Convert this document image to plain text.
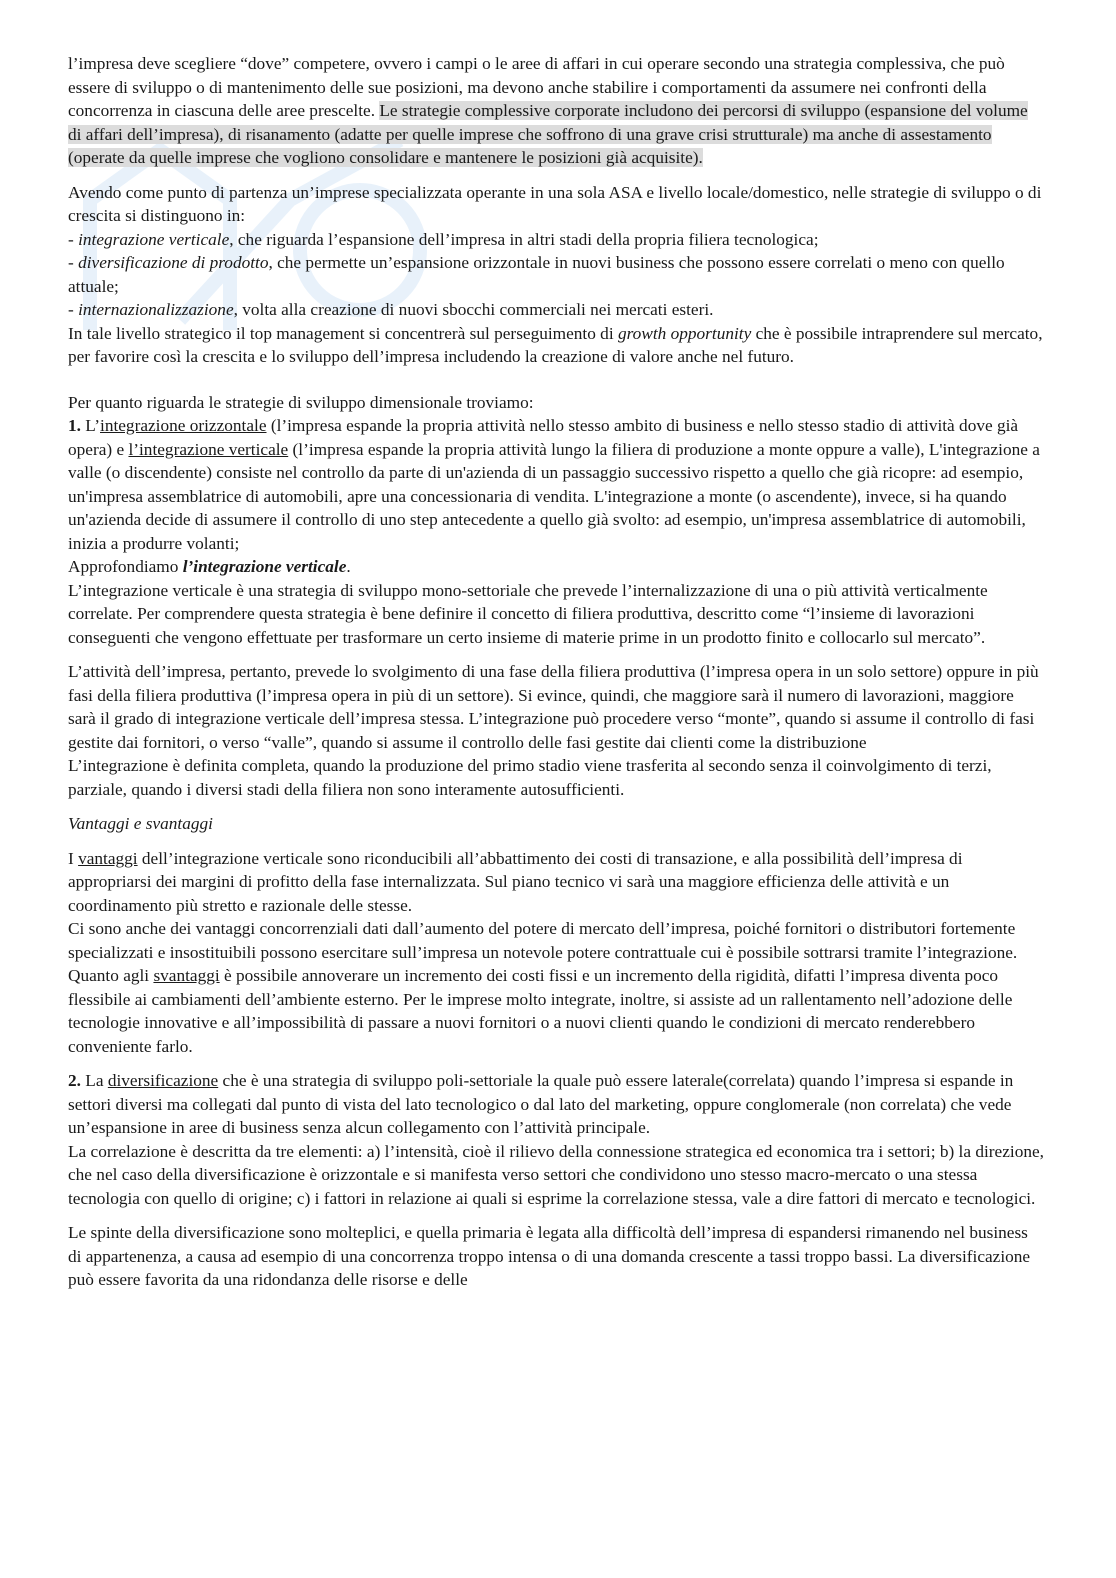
l’impresa deve scegliere “dove” competere, ovvero i campi o le aree di affari in cui operare secondo una strategia complessiva, che può essere di sviluppo o di mantenimento delle sue posizioni, ma devono anche stabilire i comportamenti da assumere nei confronti della concorrenza in ciascuna delle aree prescelte. Le strategie complessive corporate includono dei percorsi di sviluppo (espansione del volume di affari dell’impresa), di risanamento (adatte per quelle imprese che soffrono di una grave crisi strutturale) ma anche di assestamento (operate da quelle imprese che vogliono consolidare e mantenere le posizioni già acquisite).

Avendo come punto di partenza un’imprese specializzata operante in una sola ASA e livello locale/domestico, nelle strategie di sviluppo o di crescita si distinguono in:
- integrazione verticale, che riguarda l’espansione dell’impresa in altri stadi della propria filiera tecnologica;
- diversificazione di prodotto, che permette un’espansione orizzontale in nuovi business che possono essere correlati o meno con quello attuale;
- internazionalizzazione, volta alla creazione di nuovi sbocchi commerciali nei mercati esteri.
In tale livello strategico il top management si concentrerà sul perseguimento di growth opportunity che è possibile intraprendere sul mercato, per favorire così la crescita e lo sviluppo dell’impresa includendo la creazione di valore anche nel futuro.

Per quanto riguarda le strategie di sviluppo dimensionale troviamo:
1. L’integrazione orizzontale (l’impresa espande la propria attività nello stesso ambito di business e nello stesso stadio di attività dove già opera) e l’integrazione verticale (l’impresa espande la propria attività lungo la filiera di produzione a monte oppure a valle), L'integrazione a valle (o discendente) consiste nel controllo da parte di un'azienda di un passaggio successivo rispetto a quello che già ricopre: ad esempio, un'impresa assemblatrice di automobili, apre una concessionaria di vendita. L'integrazione a monte (o ascendente), invece, si ha quando un'azienda decide di assumere il controllo di uno step antecedente a quello già svolto: ad esempio, un'impresa assemblatrice di automobili, inizia a produrre volanti;
Approfondiamo l’integrazione verticale.
L’integrazione verticale è una strategia di sviluppo mono-settoriale che prevede l’internalizzazione di una o più attività verticalmente correlate. Per comprendere questa strategia è bene definire il concetto di filiera produttiva, descritto come “l’insieme di lavorazioni conseguenti che vengono effettuate per trasformare un certo insieme di materie prime in un prodotto finito e collocarlo sul mercato”.

L’attività dell’impresa, pertanto, prevede lo svolgimento di una fase della filiera produttiva (l’impresa opera in un solo settore) oppure in più fasi della filiera produttiva (l’impresa opera in più di un settore). Si evince, quindi, che maggiore sarà il numero di lavorazioni, maggiore sarà il grado di integrazione verticale dell’impresa stessa. L’integrazione può procedere verso “monte”, quando si assume il controllo di fasi gestite dai fornitori, o verso “valle”, quando si assume il controllo delle fasi gestite dai clienti come la distribuzione
L’integrazione è definita completa, quando la produzione del primo stadio viene trasferita al secondo senza il coinvolgimento di terzi, parziale, quando i diversi stadi della filiera non sono interamente autosufficienti.

Vantaggi e svantaggi

I vantaggi dell’integrazione verticale sono riconducibili all’abbattimento dei costi di transazione, e alla possibilità dell’impresa di appropriarsi dei margini di profitto della fase internalizzata. Sul piano tecnico vi sarà una maggiore efficienza delle attività e un coordinamento più stretto e razionale delle stesse.
Ci sono anche dei vantaggi concorrenziali dati dall’aumento del potere di mercato dell’impresa, poiché fornitori o distributori fortemente specializzati e insostituibili possono esercitare sull’impresa un notevole potere contrattuale cui è possibile sottrarsi tramite l’integrazione.
Quanto agli svantaggi è possibile annoverare un incremento dei costi fissi e un incremento della rigidità, difatti l’impresa diventa poco flessibile ai cambiamenti dell’ambiente esterno. Per le imprese molto integrate, inoltre, si assiste ad un rallentamento nell’adozione delle tecnologie innovative e all’impossibilità di passare a nuovi fornitori o a nuovi clienti quando le condizioni di mercato renderebbero conveniente farlo.

2. La diversificazione che è una strategia di sviluppo poli-settoriale la quale può essere laterale(correlata) quando l’impresa si espande in settori diversi ma collegati dal punto di vista del lato tecnologico o dal lato del marketing, oppure conglomerale (non correlata) che vede un’espansione in aree di business senza alcun collegamento con l’attività principale.
La correlazione è descritta da tre elementi: a) l’intensità, cioè il rilievo della connessione strategica ed economica tra i settori; b) la direzione, che nel caso della diversificazione è orizzontale e si manifesta verso settori che condividono uno stesso macro-mercato o una stessa tecnologia con quello di origine; c) i fattori in relazione ai quali si esprime la correlazione stessa, vale a dire fattori di mercato e tecnologici.

Le spinte della diversificazione sono molteplici, e quella primaria è legata alla difficoltà dell’impresa di espandersi rimanendo nel business di appartenenza, a causa ad esempio di una concorrenza troppo intensa o di una domanda crescente a tassi troppo bassi. La diversificazione può essere favorita da una ridondanza delle risorse e delle
